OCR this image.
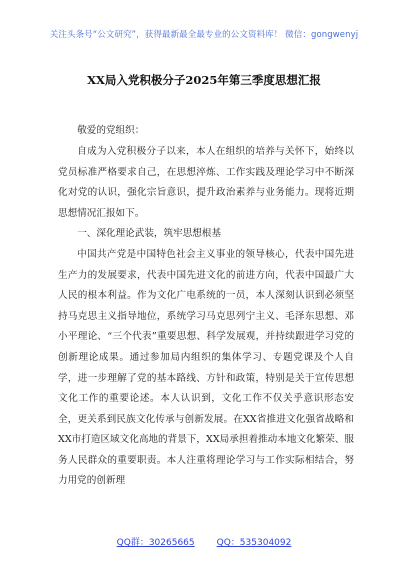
关注头条号“公文研究”，获得最新最全最专业的公文资料库！ 微信：gongwenyj
XX局入党积极分子2025年第三季度思想汇报

敬爱的党组织：

自成为入党积极分子以来，本人在组织的培养与关怀下，始终以党员标准严格要求自己，在思想淬炼、工作实践及理论学习中不断深化对党的认识，强化宗旨意识，提升政治素养与业务能力。现将近期思想情况汇报如下。

一、深化理论武装，筑牢思想根基

中国共产党是中国特色社会主义事业的领导核心，代表中国先进生产力的发展要求，代表中国先进文化的前进方向，代表中国最广大人民的根本利益。作为文化广电系统的一员，本人深刻认识到必须坚持马克思主义指导地位，系统学习马克思列宁主义、毛泽东思想、邓小平理论、“三个代表”重要思想、科学发展观，并持续跟进学习党的创新理论成果。通过参加局内组织的集体学习、专题党课及个人自学，进一步理解了党的基本路线、方针和政策，特别是关于宣传思想文化工作的重要论述。本人认识到，文化工作不仅关乎意识形态安全，更关系到民族文化传承与创新发展。在XX省推进文化强省战略和XX市打造区域文化高地的背景下，XX局承担着推动本地文化繁荣、服务人民群众的重要职责。本人注重将理论学习与工作实际相结合，努力用党的创新理

QQ群：30265665 QQ：535304092
